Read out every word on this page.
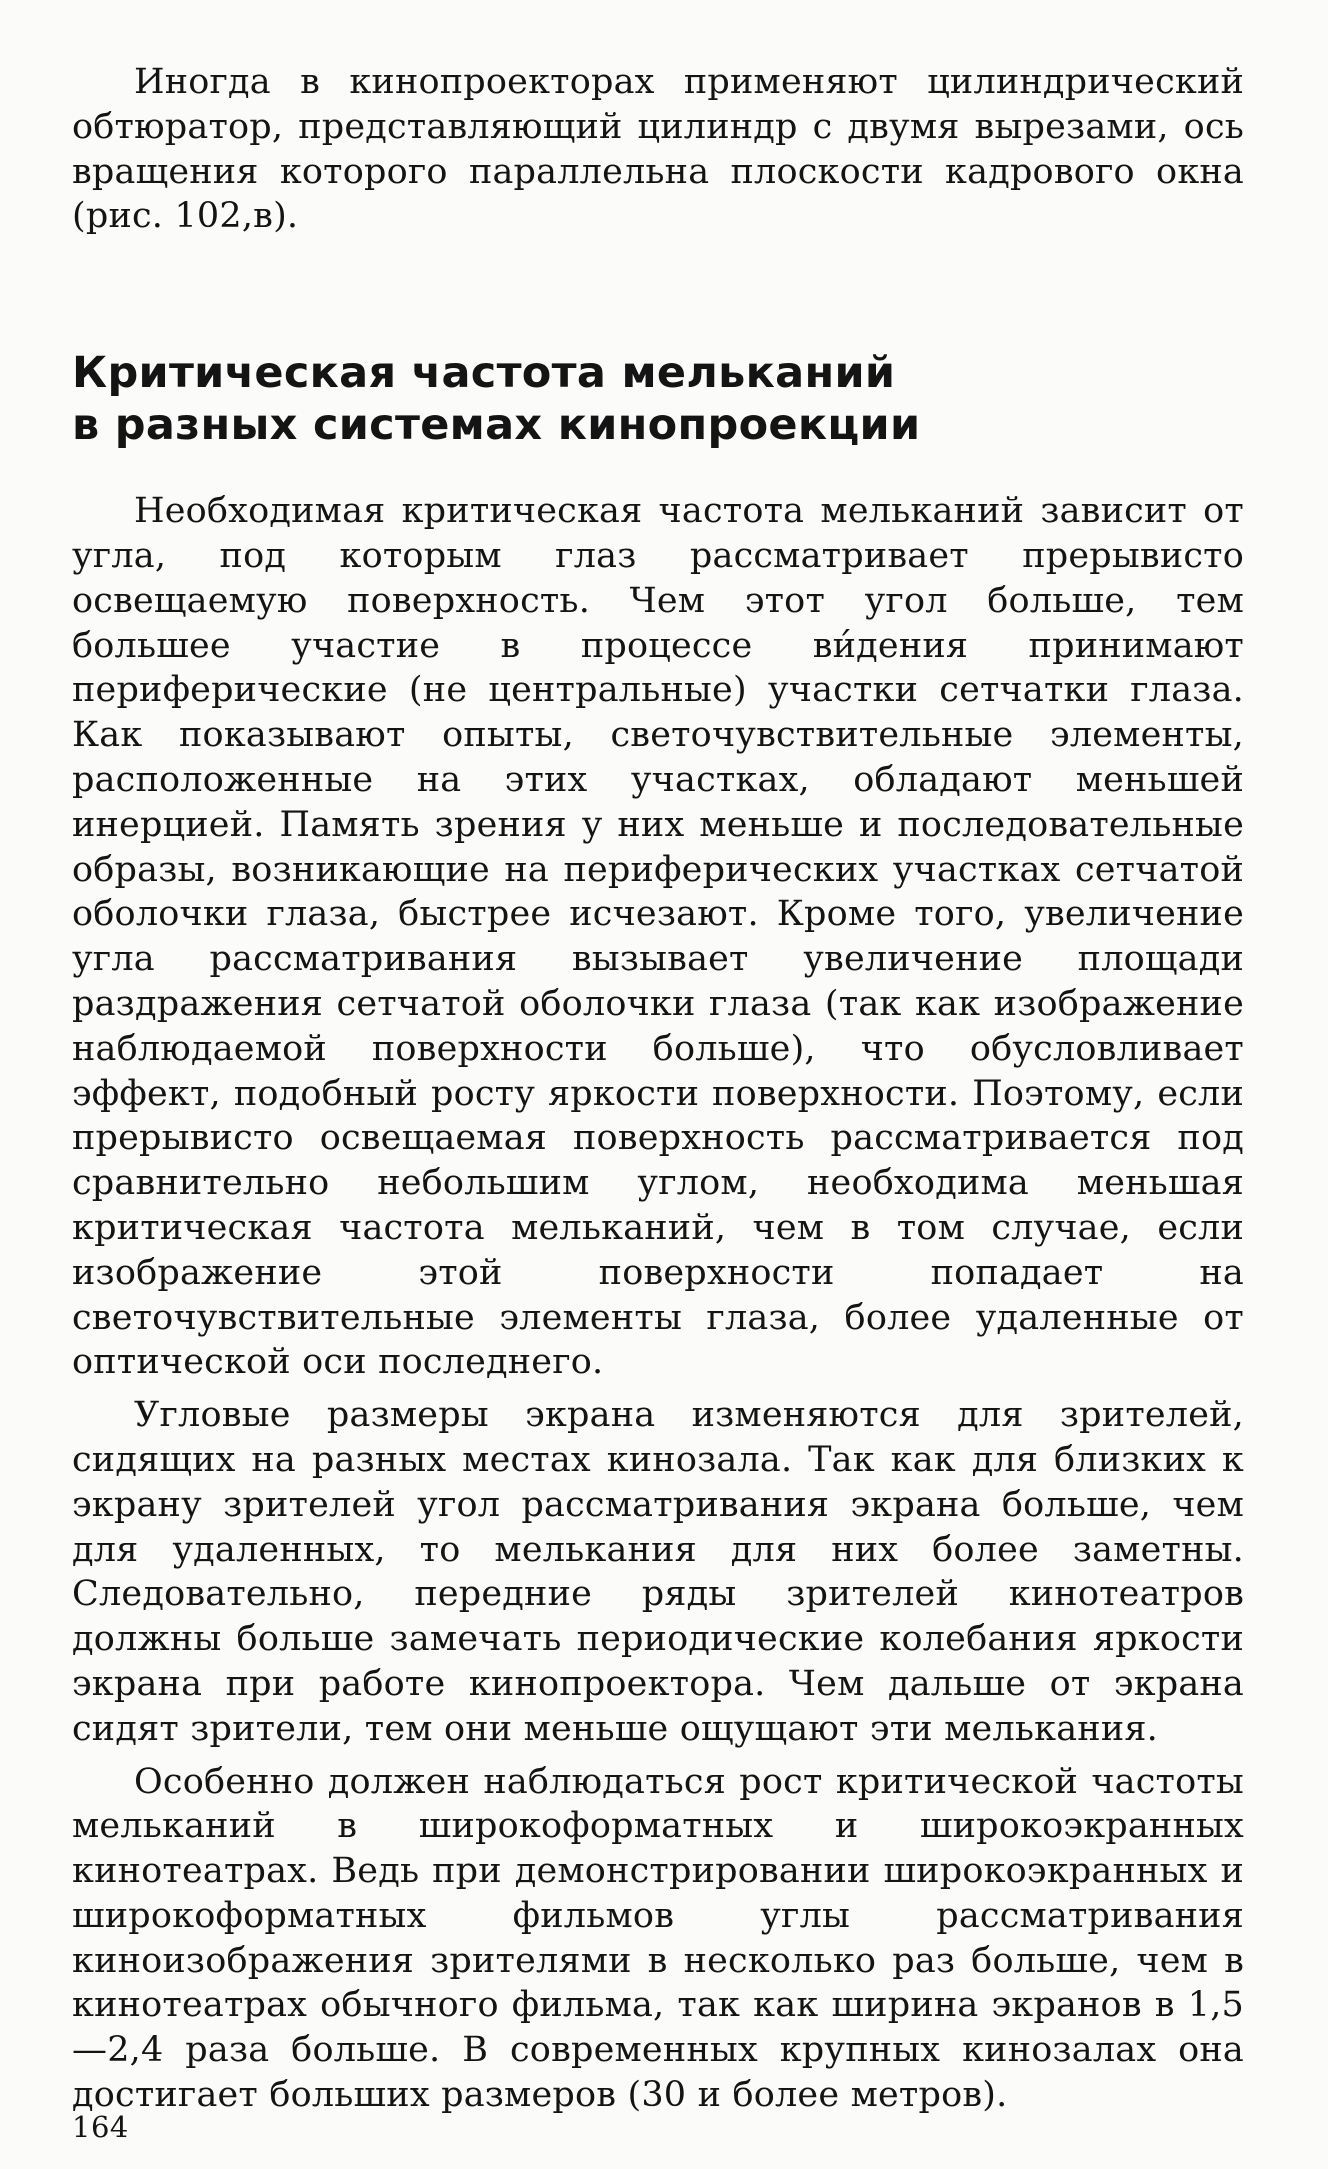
Иногда в кинопроекторах применяют цилиндрический обтюратор, представляющий цилиндр с двумя вырезами, ось вращения которого параллельна плоскости кадрового окна (рис. 102,в).

Критическая частота мельканий
в разных системах кинопроекции

Необходимая критическая частота мельканий зависит от угла, под которым глаз рассматривает прерывисто освещаемую поверхность. Чем этот угол больше, тем большее участие в процессе ви́дения принимают периферические (не центральные) участки сетчатки глаза. Как показывают опыты, светочувствительные элементы, расположенные на этих участках, обладают меньшей инерцией. Память зрения у них меньше и последовательные образы, возникающие на периферических участках сетчатой оболочки глаза, быстрее исчезают. Кроме того, увеличение угла рассматривания вызывает увеличение площади раздражения сетчатой оболочки глаза (так как изображение наблюдаемой поверхности больше), что обусловливает эффект, подобный росту яркости поверхности. Поэтому, если прерывисто освещаемая поверхность рассматривается под сравнительно небольшим углом, необходима меньшая критическая частота мельканий, чем в том случае, если изображение этой поверхности попадает на светочувствительные элементы глаза, более удаленные от оптической оси последнего.

Угловые размеры экрана изменяются для зрителей, сидящих на разных местах кинозала. Так как для близких к экрану зрителей угол рассматривания экрана больше, чем для удаленных, то мелькания для них более заметны. Следовательно, передние ряды зрителей кинотеатров должны больше замечать периодические колебания яркости экрана при работе кинопроектора. Чем дальше от экрана сидят зрители, тем они меньше ощущают эти мелькания.

Особенно должен наблюдаться рост критической частоты мельканий в широкоформатных и широкоэкранных кинотеатрах. Ведь при демонстрировании широкоэкранных и широкоформатных фильмов углы рассматривания киноизображения зрителями в несколько раз больше, чем в кинотеатрах обычного фильма, так как ширина экранов в 1,5—2,4 раза больше. В современных крупных кинозалах она достигает больших размеров (30 и более метров).

164
